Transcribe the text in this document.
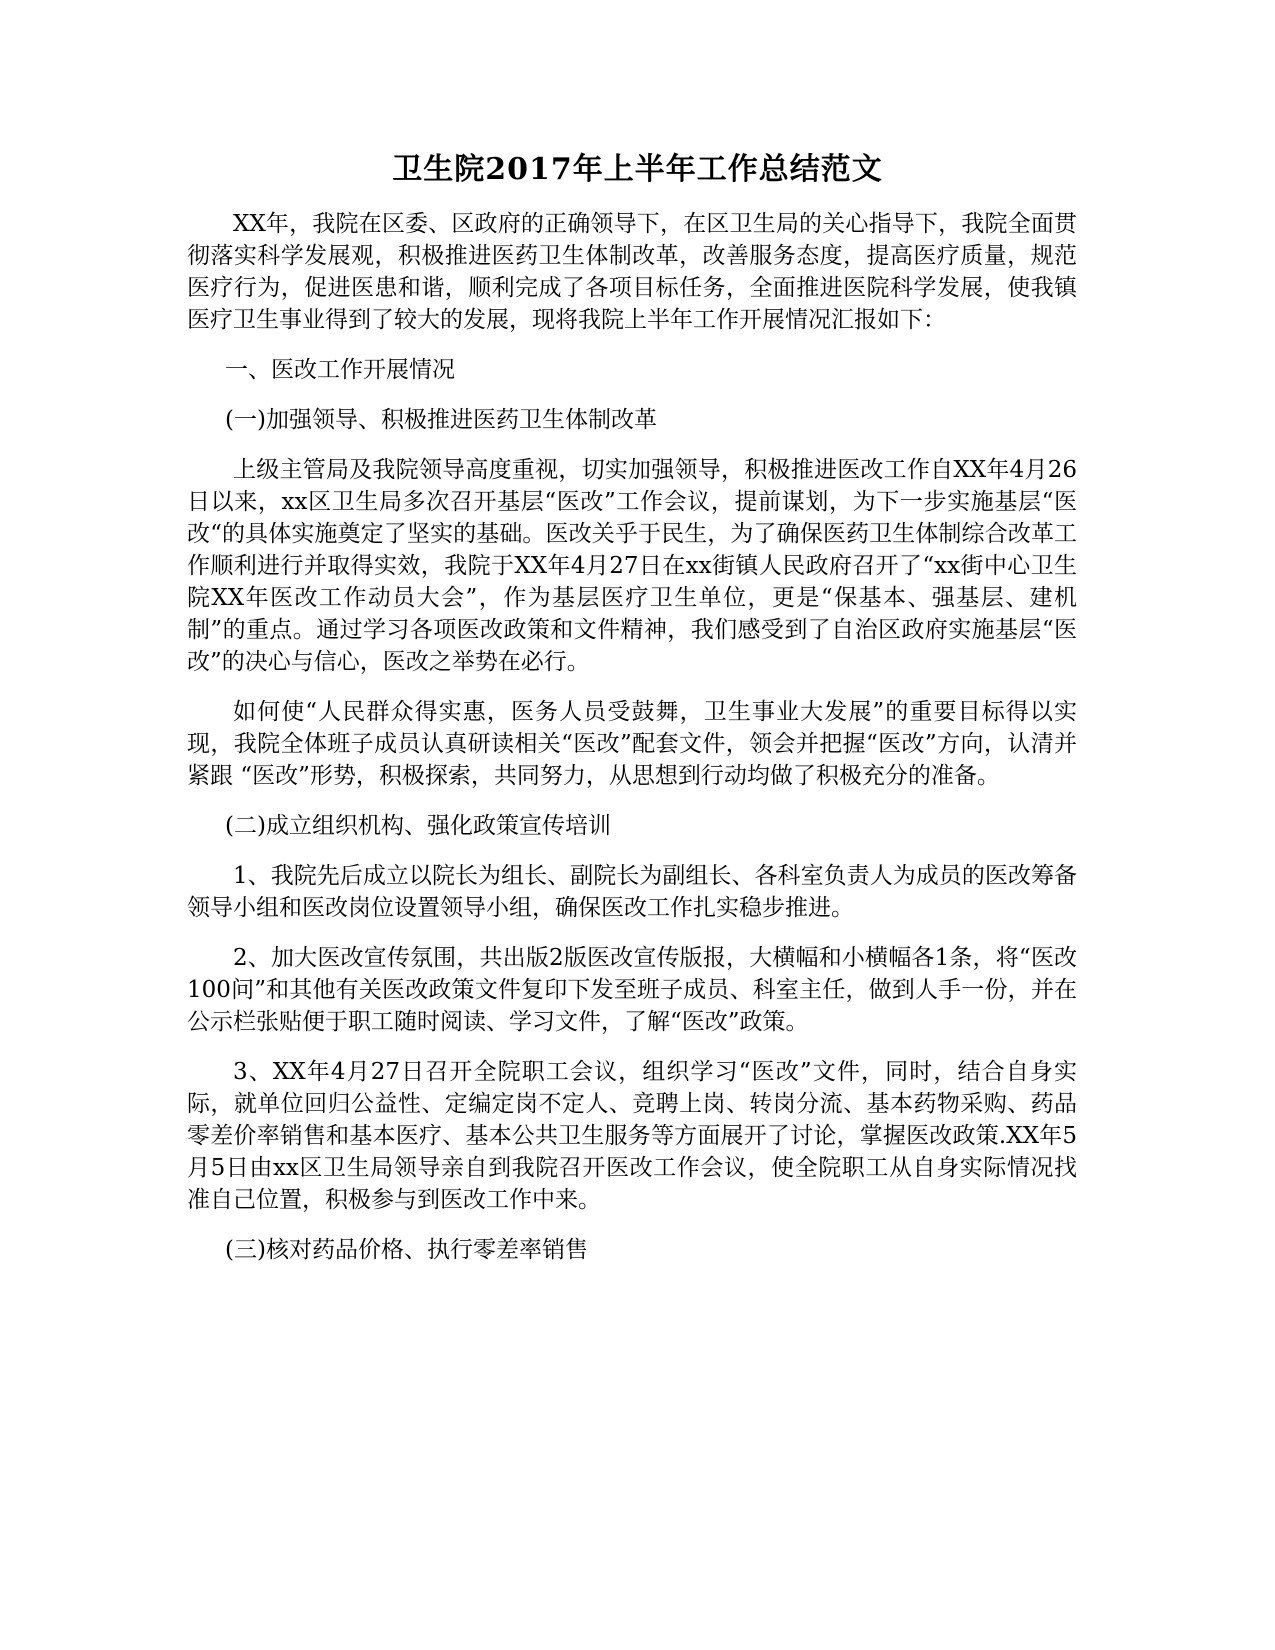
卫生院2017年上半年工作总结范文

XX年，我院在区委、区政府的正确领导下，在区卫生局的关心指导下，我院全面贯彻落实科学发展观，积极推进医药卫生体制改革，改善服务态度，提高医疗质量，规范医疗行为，促进医患和谐，顺利完成了各项目标任务，全面推进医院科学发展，使我镇医疗卫生事业得到了较大的发展，现将我院上半年工作开展情况汇报如下：

一、医改工作开展情况

(一)加强领导、积极推进医药卫生体制改革

上级主管局及我院领导高度重视，切实加强领导，积极推进医改工作自XX年4月26日以来，xx区卫生局多次召开基层“医改”工作会议，提前谋划，为下一步实施基层“医改“的具体实施奠定了坚实的基础。医改关乎于民生，为了确保医药卫生体制综合改革工作顺利进行并取得实效，我院于XX年4月27日在xx街镇人民政府召开了“xx街中心卫生院XX年医改工作动员大会”，作为基层医疗卫生单位，更是“保基本、强基层、建机制”的重点。通过学习各项医改政策和文件精神，我们感受到了自治区政府实施基层“医改”的决心与信心，医改之举势在必行。

如何使“人民群众得实惠，医务人员受鼓舞，卫生事业大发展”的重要目标得以实现，我院全体班子成员认真研读相关“医改”配套文件，领会并把握“医改”方向，认清并紧跟 “医改”形势，积极探索，共同努力，从思想到行动均做了积极充分的准备。

(二)成立组织机构、强化政策宣传培训

1、我院先后成立以院长为组长、副院长为副组长、各科室负责人为成员的医改筹备领导小组和医改岗位设置领导小组，确保医改工作扎实稳步推进。

2、加大医改宣传氛围，共出版2版医改宣传版报，大横幅和小横幅各1条，将“医改100问”和其他有关医改政策文件复印下发至班子成员、科室主任，做到人手一份，并在公示栏张贴便于职工随时阅读、学习文件，了解“医改”政策。

3、XX年4月27日召开全院职工会议，组织学习“医改”文件，同时，结合自身实际，就单位回归公益性、定编定岗不定人、竞聘上岗、转岗分流、基本药物采购、药品零差价率销售和基本医疗、基本公共卫生服务等方面展开了讨论，掌握医改政策.XX年5月5日由xx区卫生局领导亲自到我院召开医改工作会议，使全院职工从自身实际情况找准自己位置，积极参与到医改工作中来。

(三)核对药品价格、执行零差率销售
